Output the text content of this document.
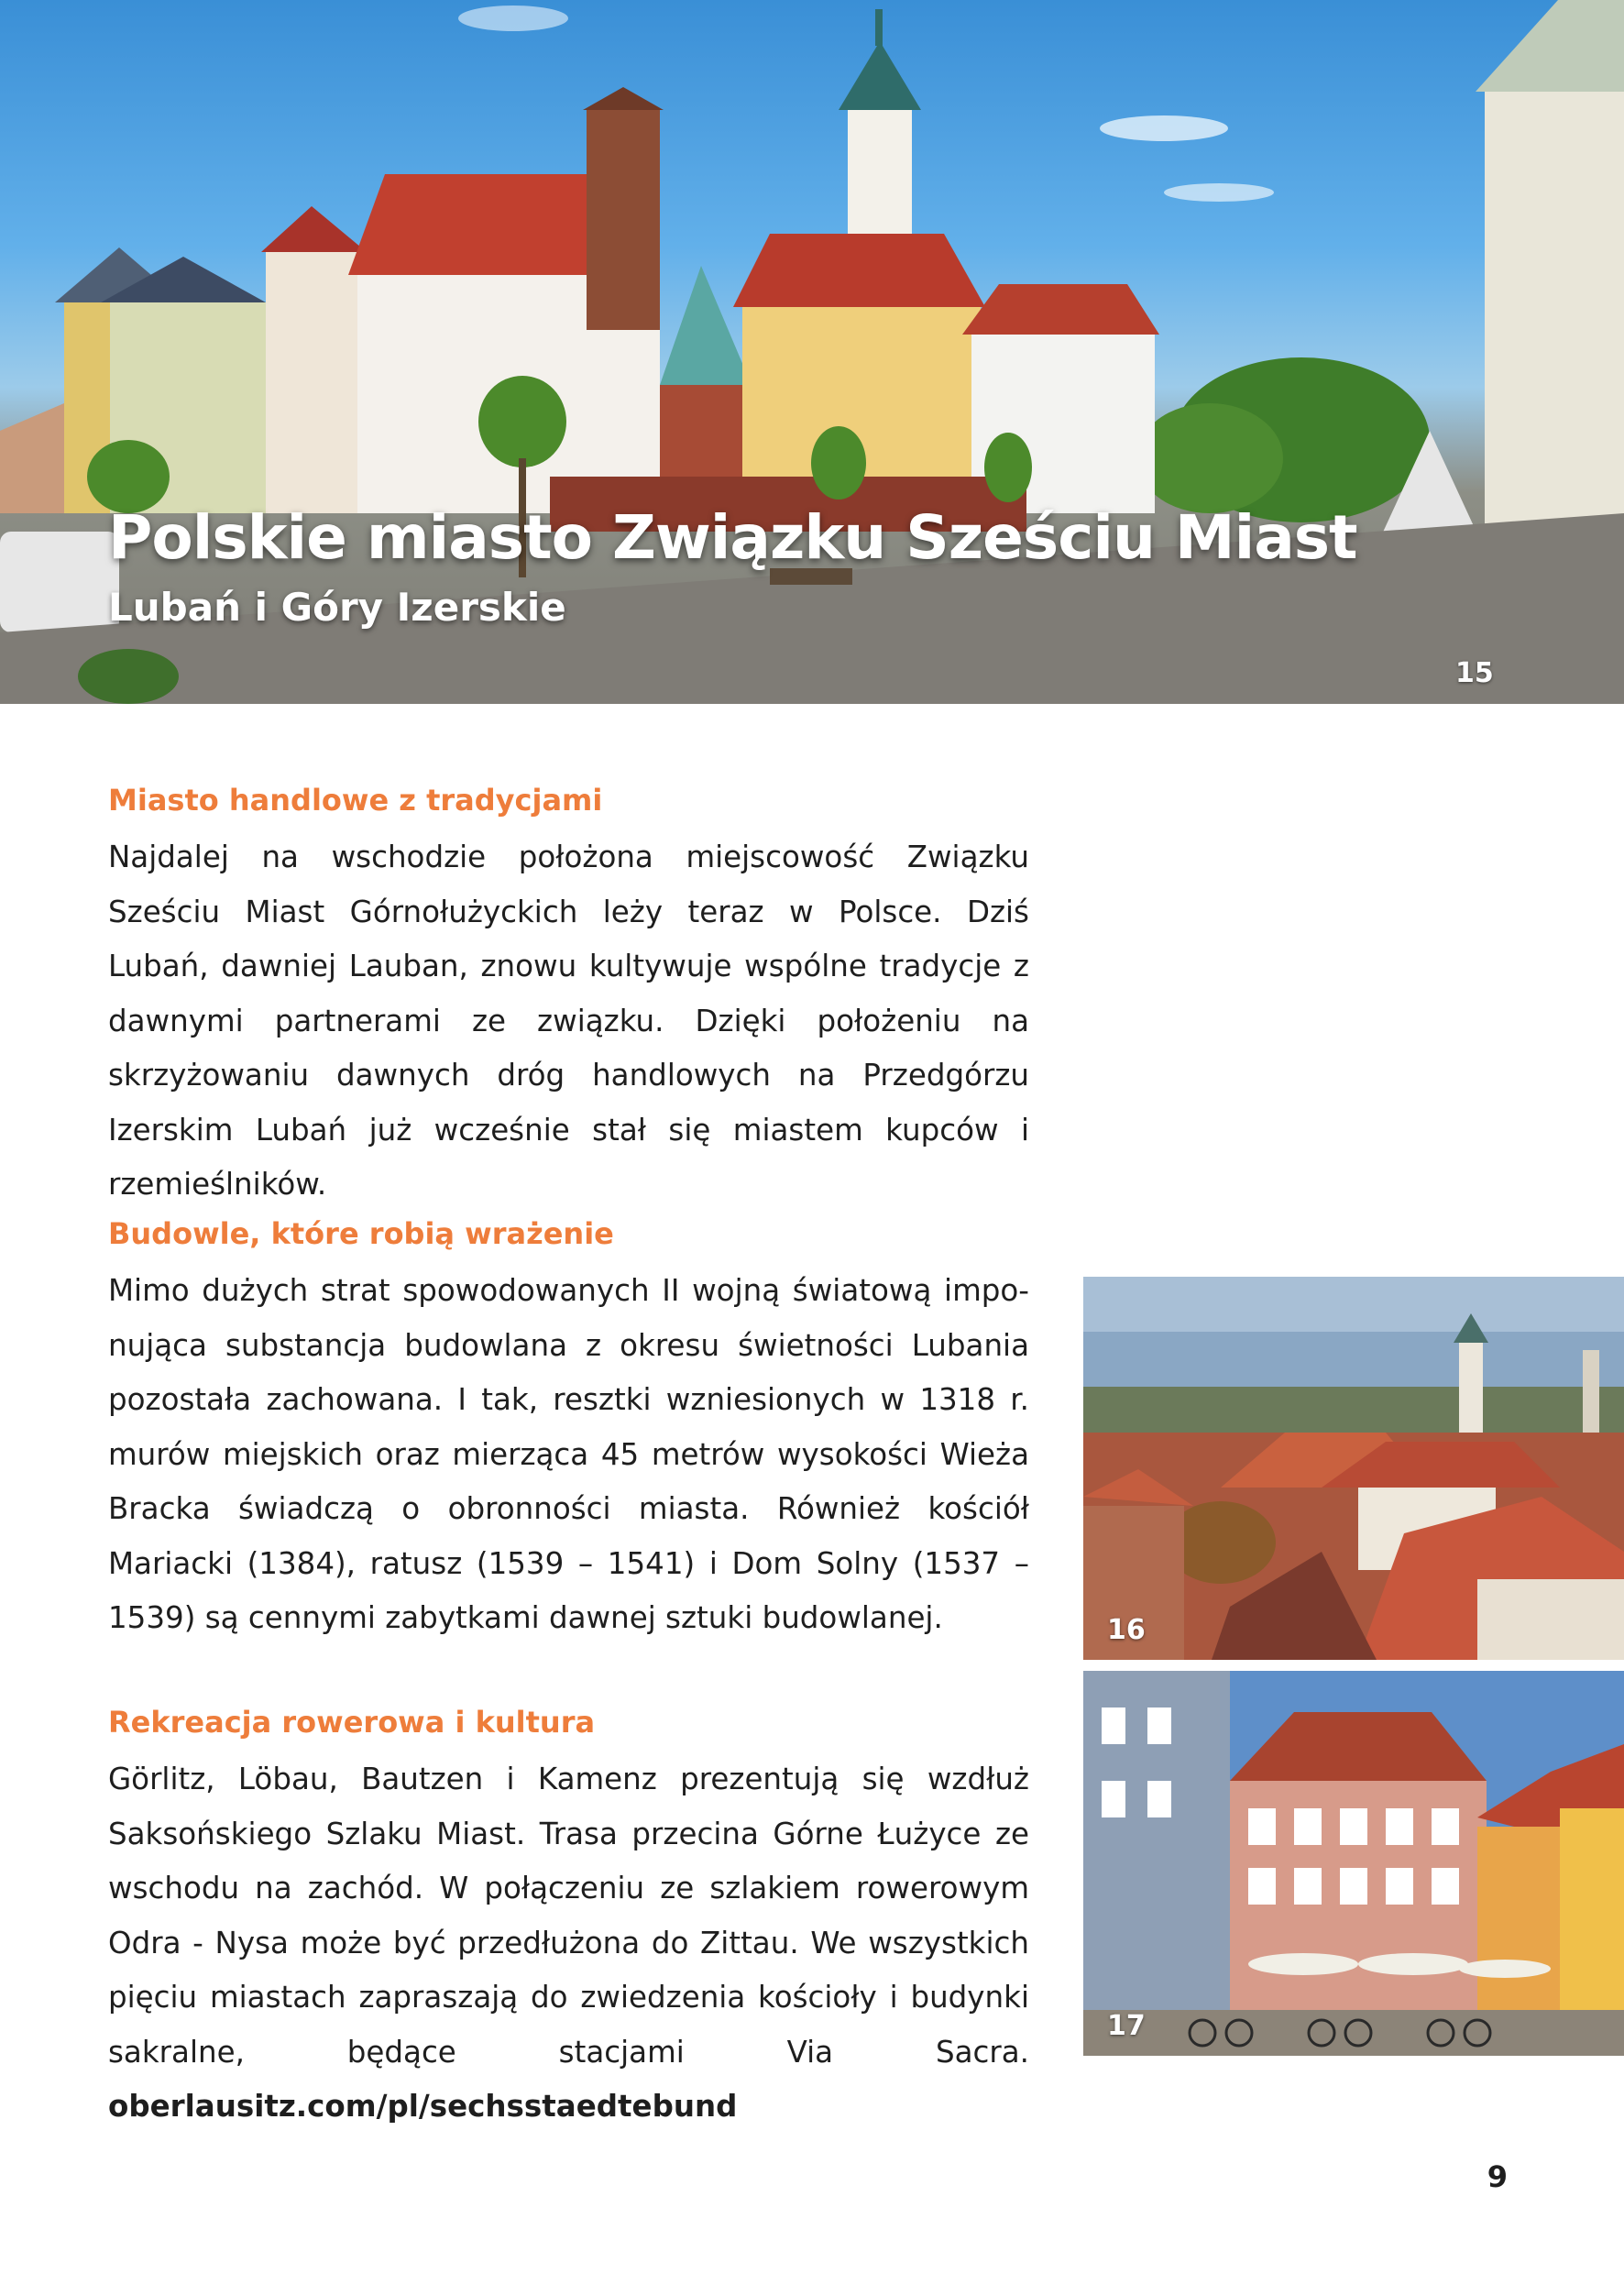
Polskie miasto Związku Sześciu Miast
Lubań i Góry Izerskie
15
Miasto handlowe z tradycjami

Najdalej na wschodzie położona miejscowość Związku Sześciu Miast Górnołużyckich leży teraz w Polsce. Dziś Lubań, dawniej Lauban, znowu kultywuje wspólne tradycje z dawnymi partnerami ze związku. Dzięki położeniu na skrzyżowaniu dawnych dróg handlowych na Przedgórzu Izerskim Lubań już wcześnie stał się miastem kupców i rzemieślników.

Budowle, które robią wrażenie

Mimo dużych strat spowodowanych II wojną światową imponująca substancja budowlana z okresu świetności Lubania pozostała zachowana. I tak, resztki wzniesionych w 1318 r. murów miejskich oraz mierząca 45 metrów wysokości Wieża Bracka świadczą o obronności miasta. Również kościół Mariacki (1384), ratusz (1539 – 1541) i Dom Solny (1537 – 1539) są cennymi zabytkami dawnej sztuki budowlanej.

Rekreacja rowerowa i kultura

Görlitz, Löbau, Bautzen i Kamenz prezentują się wzdłuż Saksońskiego Szlaku Miast. Trasa przecina Górne Łużyce ze wschodu na zachód. W połączeniu ze szlakiem rowerowym Odra - Nysa może być przedłużona do Zittau. We wszystkich pięciu miastach zapraszają do zwiedzenia kościoły i budynki sakralne, będące stacjami Via Sacra. oberlausitz.com/pl/sechsstaedtebund

16
17
9
